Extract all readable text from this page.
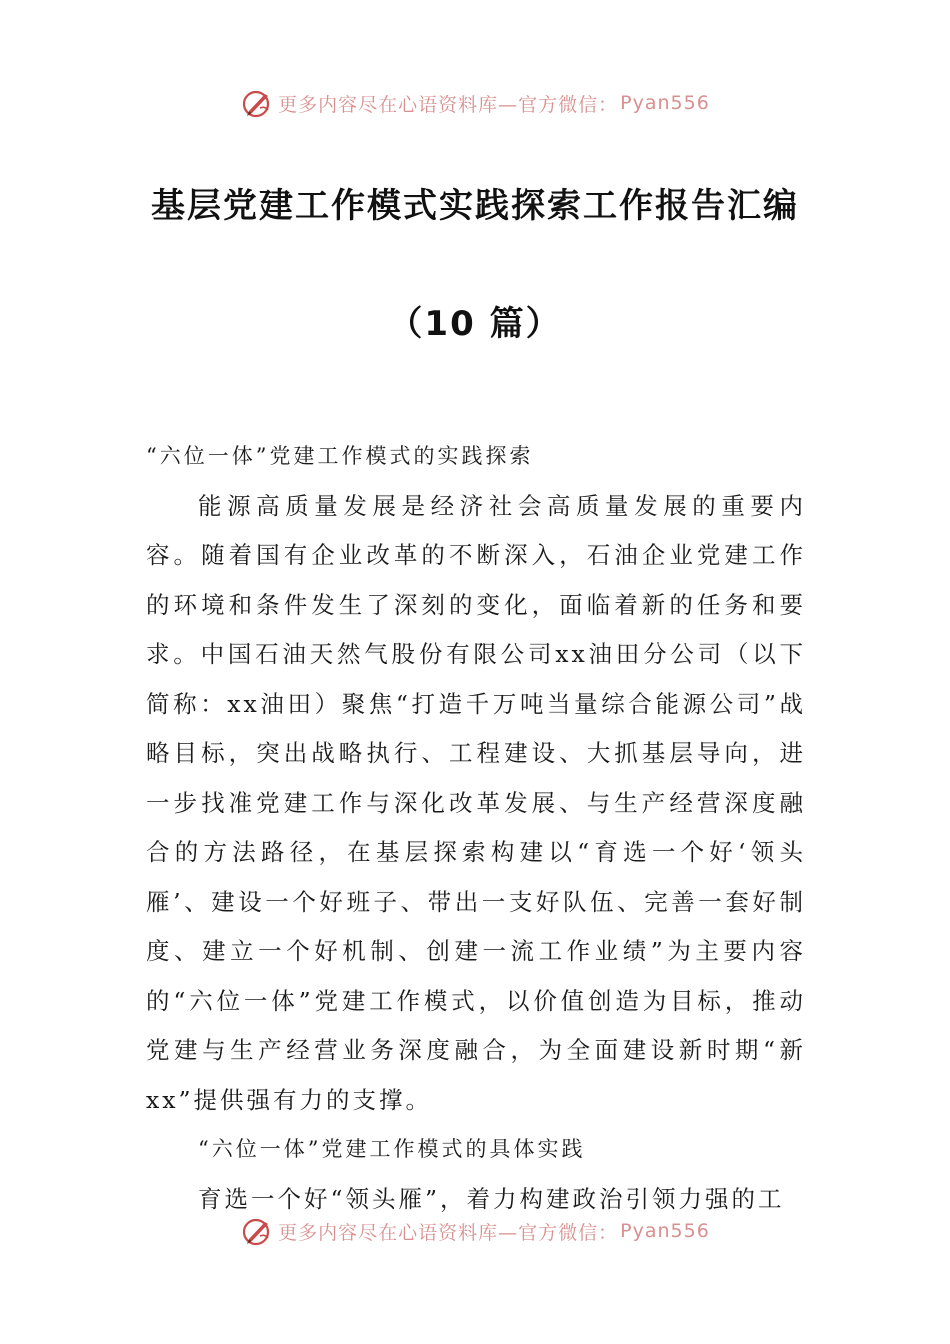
更多内容尽在心语资料库—官方微信： Pyan556
基层党建工作模式实践探索工作报告汇编
（10 篇）

“六位一体”党建工作模式的实践探索

能源高质量发展是经济社会高质量发展的重要内容。随着国有企业改革的不断深入，石油企业党建工作的环境和条件发生了深刻的变化，面临着新的任务和要求。中国石油天然气股份有限公司xx油田分公司（以下简称：xx油田）聚焦“打造千万吨当量综合能源公司”战略目标，突出战略执行、工程建设、大抓基层导向，进一步找准党建工作与深化改革发展、与生产经营深度融合的方法路径，在基层探索构建以“育选一个好‘领头雁’、建设一个好班子、带出一支好队伍、完善一套好制度、建立一个好机制、创建一流工作业绩”为主要内容的“六位一体”党建工作模式，以价值创造为目标，推动党建与生产经营业务深度融合，为全面建设新时期“新xx”提供强有力的支撑。

“六位一体”党建工作模式的具体实践

育选一个好“领头雁”，着力构建政治引领力强的工

更多内容尽在心语资料库—官方微信： Pyan556
